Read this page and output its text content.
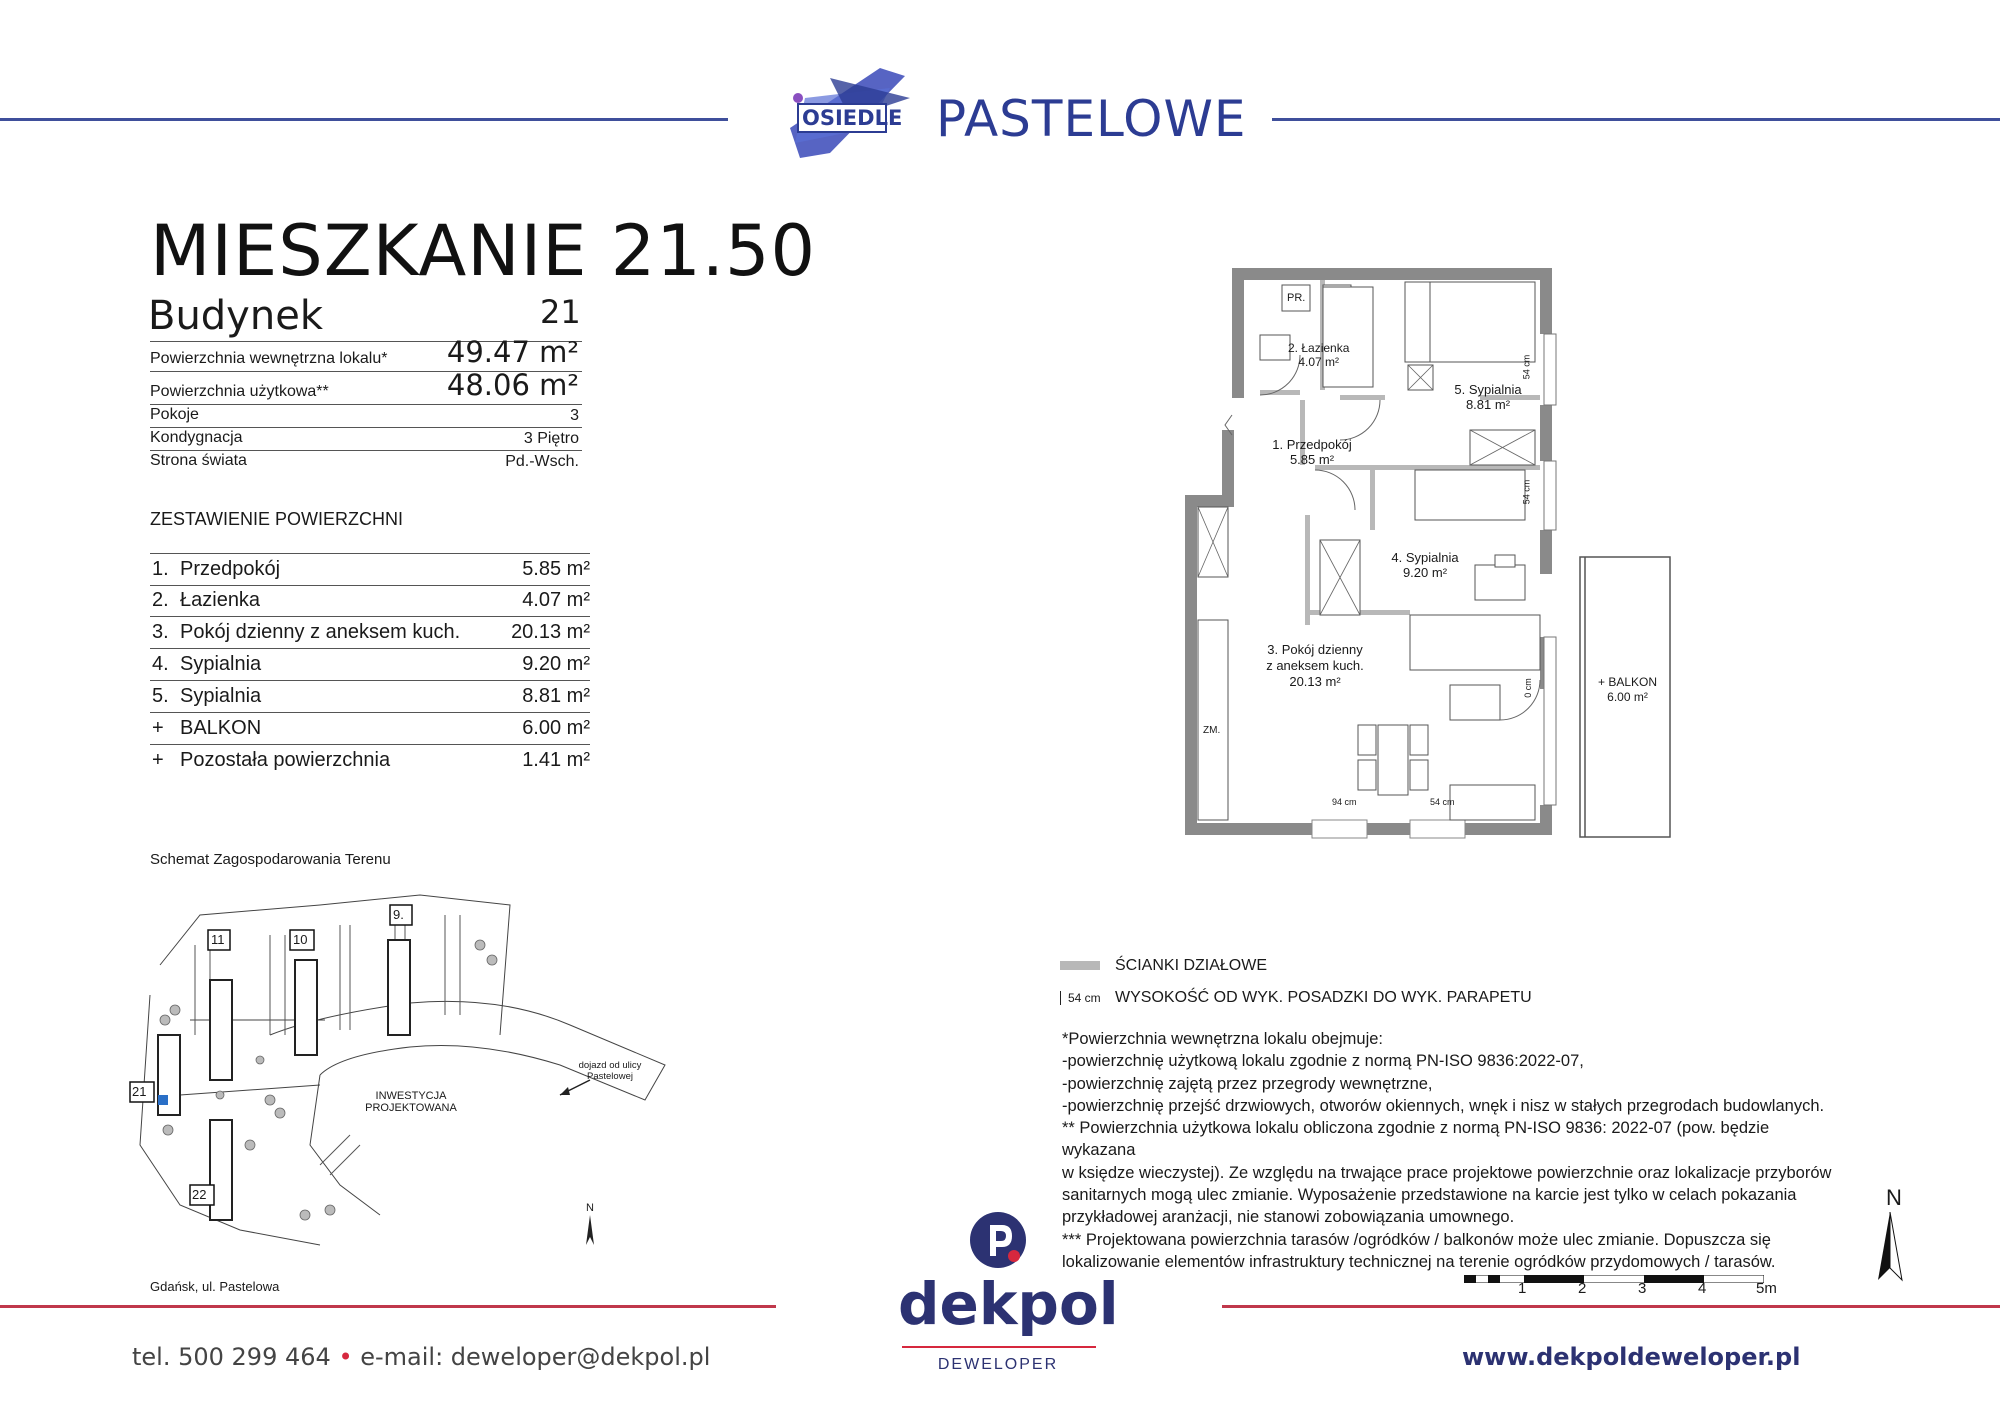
OSIEDLE PASTELOWE
MIESZKANIE 21.50
Budynek	21
Powierzchnia wewnętrzna lokalu* 49.47 m²
Powierzchnia użytkowa**	48.06 m²
Pokoje	3
Kondygnacja	3 Piętro
Strona świata	Pd.-Wsch.
ZESTAWIENIE POWIERZCHNI
1. Przedpokój	5.85 m²
2. Łazienka	4.07 m²
3. Pokój dzienny z aneksem kuch.	20.13 m²
4. Sypialnia	9.20 m²
5. Sypialnia	8.81 m²
+ BALKON	6.00 m²
+ Pozostała powierzchnia	1.41 m²
Schemat Zagospodarowania Terenu
11	10
9.
21
22
INWESTYCJA PROJEKTOWANA
dojazd od ulicy Pastelowej
N
Gdańsk, ul. Pastelowa
PR.
ZM.
2. Łazienka
4.07 m²
5. Sypialnia
8.81 m²
1. Przedpokój
5.85 m²
4. Sypialnia
9.20 m²
3. Pokój dzienny
z aneksem kuch.
20.13 m²	+ BALKON
6.00 m²
94 cm	54 cm
54 cm
54 cm
0 cm
ŚCIANKI DZIAŁOWE
54 cm WYSOKOŚĆ OD WYK. POSADZKI DO WYK. PARAPETU
*Powierzchnia wewnętrzna lokalu obejmuje:
-powierzchnię użytkową lokalu zgodnie z normą PN-ISO 9836:2022-07,
-powierzchnię zajętą przez przegrody wewnętrzne,
-powierzchnię przejść drzwiowych, otworów okiennych, wnęk i nisz w stałych przegrodach budowlanych.
** Powierzchnia użytkowa lokalu obliczona zgodnie z normą PN-ISO 9836: 2022-07 (pow. będzie wykazana
w księdze wieczystej). Ze względu na trwające prace projektowe powierzchnie oraz lokalizacje przyborów
sanitarnych mogą ulec zmianie. Wyposażenie przedstawione na karcie jest tylko w celach pokazania
przykładowej aranżacji, nie stanowi zobowiązania umownego.
*** Projektowana powierzchnia tarasów /ogródków / balkonów może ulec zmianie. Dopuszcza się
lokalizowanie elementów infrastruktury technicznej na terenie ogródków przydomowych / tarasów.
N
1	2	3	4	5m
dekpol
DEWELOPER
tel. 500 299 464 • e-mail: deweloper@dekpol.pl	www.dekpoldeweloper.pl
